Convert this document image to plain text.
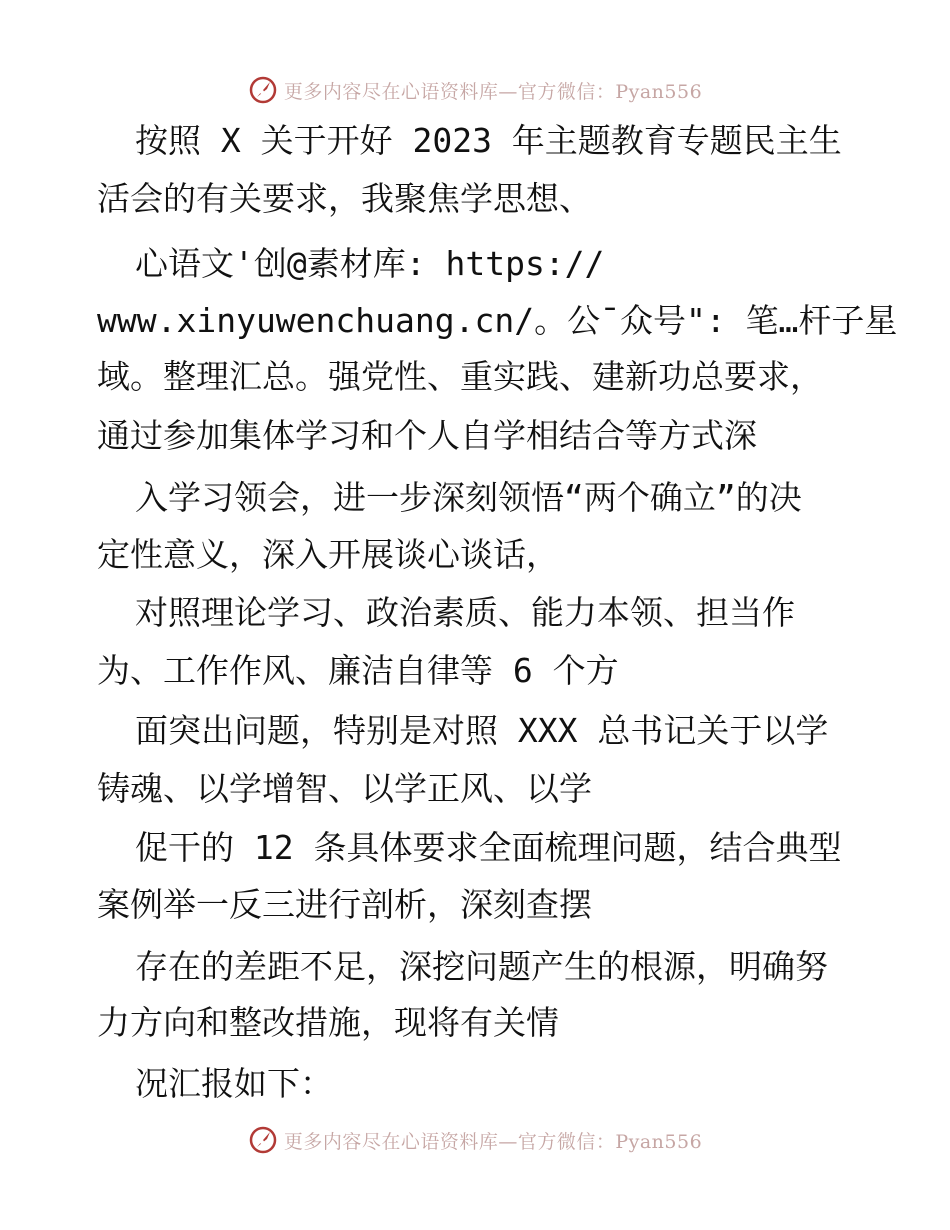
更多内容尽在心语资料库—官方微信：Pyan556
按照 X 关于开好 2023 年主题教育专题民主生
活会的有关要求，我聚焦学思想、
心语文'创@素材库: https://
www.xinyuwenchuang.cn/。公¯众号": 笔…杆子星
域。整理汇总。强党性、重实践、建新功总要求，
通过参加集体学习和个人自学相结合等方式深
入学习领会，进一步深刻领悟“两个确立”的决
定性意义，深入开展谈心谈话，
对照理论学习、政治素质、能力本领、担当作
为、工作作风、廉洁自律等 6 个方
面突出问题，特别是对照 XXX 总书记关于以学
铸魂、以学增智、以学正风、以学
促干的 12 条具体要求全面梳理问题，结合典型
案例举一反三进行剖析，深刻查摆
存在的差距不足，深挖问题产生的根源，明确努
力方向和整改措施，现将有关情
况汇报如下：
更多内容尽在心语资料库—官方微信：Pyan556
